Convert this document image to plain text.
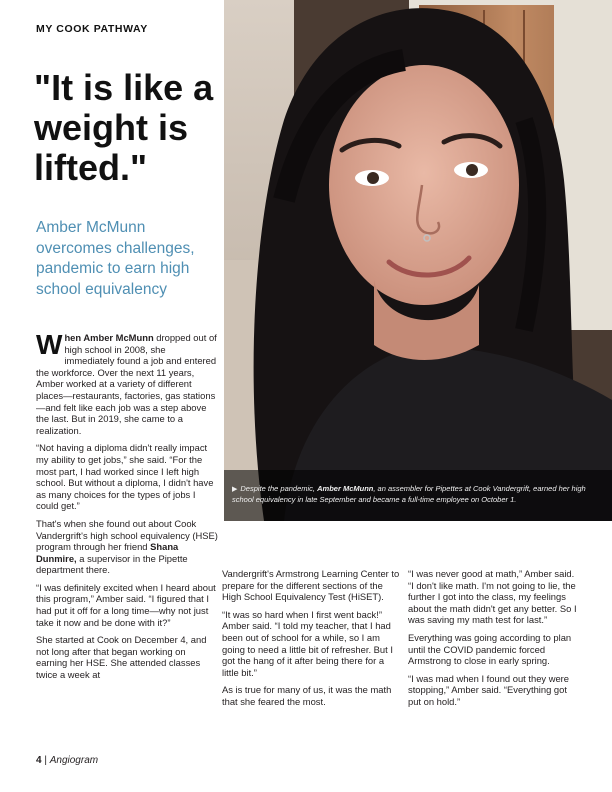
MY COOK PATHWAY
"It is like a weight is lifted."
Amber McMunn overcomes challenges, pandemic to earn high school equivalency
▶ Despite the pandemic, Amber McMunn, an assembler for Pipettes at Cook Vandergrift, earned her high school equivalency in late September and became a full-time employee on October 1.

When Amber McMunn dropped out of high school in 2008, she immediately found a job and entered the workforce. Over the next 11 years, Amber worked at a variety of different places—restaurants, factories, gas stations—and felt like each job was a step above the last. But in 2019, she came to a realization.

“Not having a diploma didn't really impact my ability to get jobs,” she said. “For the most part, I had worked since I left high school. But without a diploma, I didn't have as many choices for the types of jobs I could get.”

That's when she found out about Cook Vandergrift's high school equivalency (HSE) program through her friend Shana Dunmire, a supervisor in the Pipette department there.

“I was definitely excited when I heard about this program,” Amber said. “I figured that I had put it off for a long time—why not just take it now and be done with it?”

She started at Cook on December 4, and not long after that began working on earning her HSE. She attended classes twice a week at

Vandergrift's Armstrong Learning Center to prepare for the different sections of the High School Equivalency Test (HiSET).

“It was so hard when I first went back!” Amber said. “I told my teacher, that I had been out of school for a while, so I am going to need a little bit of refresher. But I got the hang of it after being there for a little bit.”

As is true for many of us, it was the math that she feared the most.

“I was never good at math,” Amber said. “I don't like math. I'm not going to lie, the further I got into the class, my feelings about the math didn't get any better. So I was saving my math test for last.”

Everything was going according to plan until the COVID pandemic forced Armstrong to close in early spring.

“I was mad when I found out they were stopping,” Amber said. “Everything got put on hold.”

4 | Angiogram
